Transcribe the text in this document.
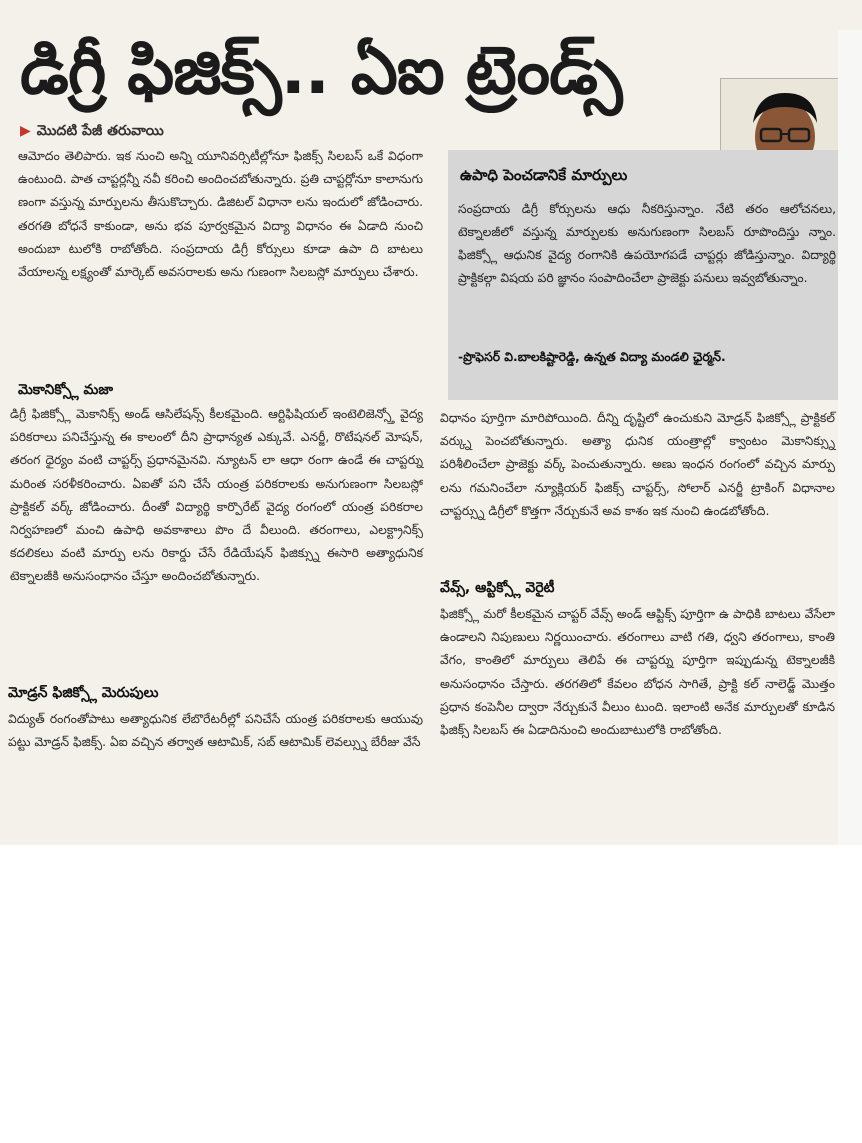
డిగ్రీ ఫిజిక్స్.. ఏఐ ట్రెండ్స్
▶ మొదటి పేజీ తరువాయి

ఆమోదం తెలిపారు. ఇక నుంచి అన్ని యూనివర్సిటీల్లోనూ ఫిజిక్స్ సిలబస్ ఒకే విధంగా ఉంటుంది. పాత చాప్టర్లన్నీ నవీ కరించి అందించబోతున్నారు. ప్రతి చాప్టర్లోనూ కాలానుగు ణంగా వస్తున్న మార్పులను తీసుకొచ్చారు. డిజిటల్ విధానా లను ఇందులో జోడించారు. తరగతి బోధనే కాకుండా, అను భవ పూర్వకమైన విద్యా విధానం ఈ ఏడాది నుంచి అందుబా టులోకి రాబోతోంది. సంప్రదాయ డిగ్రీ కోర్సులు కూడా ఉపా ది బాటలు వేయాలన్న లక్ష్యంతో మార్కెట్ అవసరాలకు అను గుణంగా సిలబస్లో మార్పులు చేశారు.

మెకానిక్స్లో మజా

డిగ్రీ ఫిజిక్స్లో మెకానిక్స్ అండ్ ఆసిలేషన్స్ కీలకమైంది. ఆర్టిఫిషియల్ ఇంటెలిజెన్స్తో వైద్య పరికరాలు పనిచేస్తున్న ఈ కాలంలో దీని ప్రాధాన్యత ఎక్కువే. ఎనర్జీ, రొటేషనల్ మోషన్, తరంగ ధైర్యం వంటి చాప్టర్స్ ప్రధానమైనవి. న్యూటన్ లా ఆధా రంగా ఉండే ఈ చాప్టర్ను మరింత సరళీకరించారు. ఏఐతో పని చేసే యంత్ర పరికరాలకు అనుగుణంగా సిలబస్లో ప్రాక్టికల్ వర్క్ జోడించారు. దీంతో విద్యార్థి కార్పొరేట్ వైద్య రంగంలో యంత్ర పరికరాల నిర్వహణలో మంచి ఉపాధి అవకాశాలు పొం దే వీలుంది. తరంగాలు, ఎలక్ట్రానిక్స్ కదలికలు వంటి మార్పు లను రికార్డు చేసే రేడియేషన్ ఫిజిక్స్ను ఈసారి అత్యాధునిక టెక్నాలజీకి అనుసంధానం చేస్తూ అందించబోతున్నారు.

మోడ్రన్ ఫిజిక్స్లో మెరుపులు

విద్యుత్ రంగంతోపాటు అత్యాధునిక లేబొరేటరీల్లో పనిచేసే యంత్ర పరికరాలకు ఆయువు పట్టు మోడ్రన్ ఫిజిక్స్. ఏఐ వచ్చిన తర్వాత ఆటామిక్, సబ్ ఆటామిక్ లెవల్స్ను బేరీజు వేసే

ఉపాధి పెంచడానికే మార్పులు

సంప్రదాయ డిగ్రీ కోర్సులను ఆధు నీకరిస్తున్నాం. నేటి తరం ఆలోచనలు, టెక్నాలజీలో వస్తున్న మార్పులకు అనుగుణంగా సిలబస్ రూపొందిస్తు న్నాం. ఫిజిక్స్లో ఆధునిక వైద్య రంగానికి ఉపయోగపడే చాప్టర్లు జోడిస్తున్నాం. విద్యార్థి ప్రాక్టికల్గా విషయ పరి జ్ఞానం సంపాదించేలా ప్రాజెక్టు పనులు ఇవ్వబోతున్నాం.

-ప్రొఫెసర్ వి.బాలకిష్టారెడ్డి, ఉన్నత విద్యా మండలి ఛైర్మన్.

విధానం పూర్తిగా మారిపోయింది. దీన్ని దృష్టిలో ఉంచుకుని మోడ్రన్ ఫిజిక్స్లో ప్రాక్టికల్ వర్క్ను పెంచబోతున్నారు. అత్యా ధునిక యంత్రాల్లో క్వాంటం మెకానిక్స్ను పరిశీలించేలా ప్రాజెక్టు వర్క్ పెంచుతున్నారు. అణు ఇంధన రంగంలో వచ్చిన మార్పు లను గమనించేలా న్యూక్లియర్ ఫిజిక్స్ చాప్టర్స్, సోలార్ ఎనర్జీ ట్రాకింగ్ విధానాల చాప్టర్స్ను డిగ్రీలో కొత్తగా నేర్చుకునే అవ కాశం ఇక నుంచి ఉండబోతోంది.

వేవ్స్, ఆప్టిక్స్లో వెరైటీ

ఫిజిక్స్లో మరో కీలకమైన చాప్టర్ వేవ్స్ అండ్ ఆప్టిక్స్ పూర్తిగా ఉ పాధికి బాటలు వేసేలా ఉండాలని నిపుణులు నిర్ణయించారు. తరంగాలు వాటి గతి, ధ్వని తరంగాలు, కాంతి వేగం, కాంతిలో మార్పులు తెలిపే ఈ చాప్టర్ను పూర్తిగా ఇప్పుడున్న టెక్నాలజీకి అనుసంధానం చేస్తారు. తరగతిలో కేవలం బోధన సాగితే, ప్రాక్టి కల్ నాలెడ్జ్ మొత్తం ప్రధాన కంపెనీల ద్వారా నేర్చుకునే వీలుం టుంది. ఇలాంటి అనేక మార్పులతో కూడిన ఫిజిక్స్ సిలబస్ ఈ ఏడాదినుంచి అందుబాటులోకి రాబోతోంది.
